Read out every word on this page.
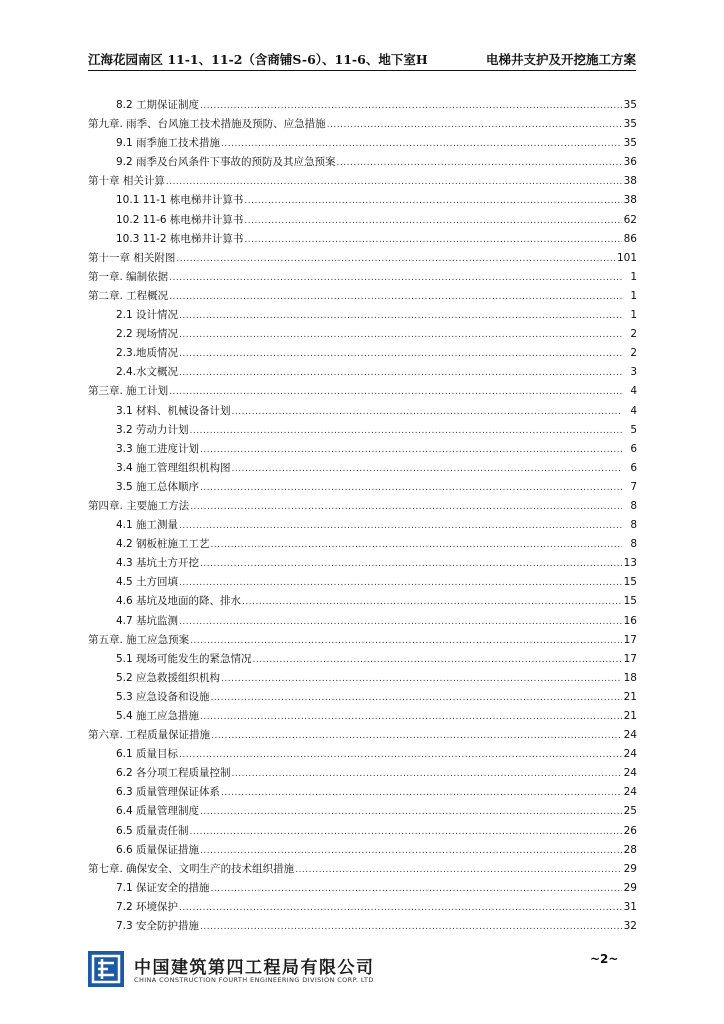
江海花园南区 11-1、11-2（含商铺S-6）、11-6、地下室H	电梯井支护及开挖施工方案
8.2 工期保证制度 .....	35
第九章. 雨季、台风施工技术措施及预防、应急措施 .....	35
9.1 雨季施工技术措施 .....	35
9.2 雨季及台风条件下事故的预防及其应急预案 .....	36
第十章 相关计算 .....	38
10.1 11-1 栋电梯井计算书 .....	38
10.2 11-6 栋电梯井计算书 .....	62
10.3 11-2 栋电梯井计算书 .....	86
第十一章 相关附图 .....	101
第一章. 编制依据 .....	1
第二章. 工程概况 .....	1
2.1 设计情况 .....	1
2.2 现场情况 .....	2
2.3.地质情况 .....	2
2.4.水文概况 .....	3
第三章. 施工计划 .....	4
3.1 材料、机械设备计划 .....	4
3.2 劳动力计划 .....	5
3.3 施工进度计划 .....	6
3.4 施工管理组织机构图 .....	6
3.5 施工总体顺序 .....	7
第四章. 主要施工方法 .....	8
4.1 施工测量 .....	8
4.2 钢板桩施工工艺 .....	8
4.3 基坑土方开挖 .....	13
4.5 土方回填 .....	15
4.6 基坑及地面的降、排水 .....	15
4.7 基坑监测 .....	16
第五章. 施工应急预案 .....	17
5.1 现场可能发生的紧急情况 .....	17
5.2 应急救援组织机构 .....	18
5.3 应急设备和设施 .....	21
5.4 施工应急措施 .....	21
第六章. 工程质量保证措施 .....	24
6.1 质量目标 .....	24
6.2 各分项工程质量控制 .....	24
6.3 质量管理保证体系 .....	24
6.4 质量管理制度 .....	25
6.5 质量责任制 .....	26
6.6 质量保证措施 .....	28
第七章. 确保安全、文明生产的技术组织措施 .....	29
7.1 保证安全的措施 .....	29
7.2 环境保护 .....	31
7.3 安全防护措施 .....	32
中国建筑第四工程局有限公司
CHINA CONSTRUCTION FOURTH ENGINEERING DIVISION CORP. LTD
~2~
